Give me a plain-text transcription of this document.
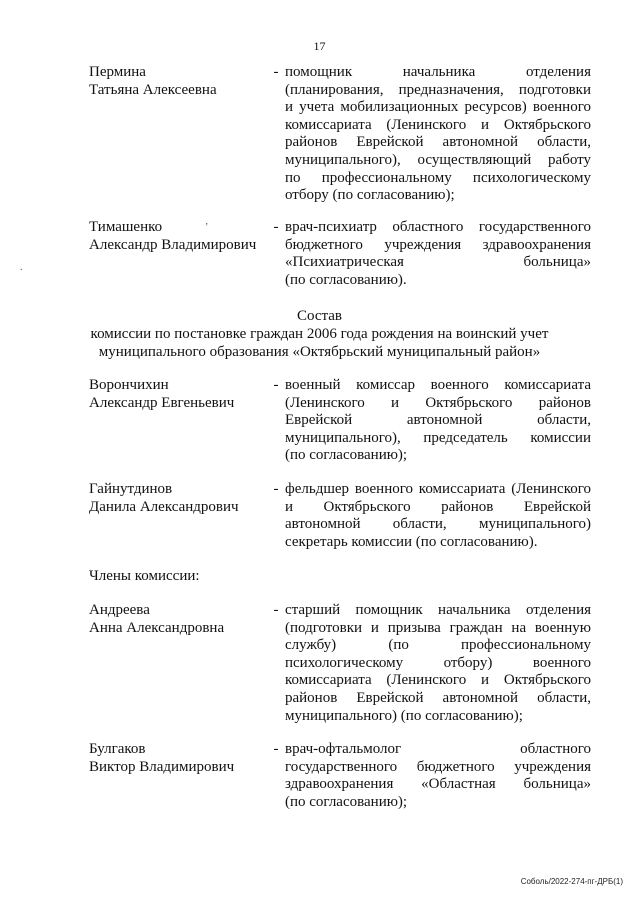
17
Пермина
Татьяна Алексеевна
- помощник начальника отделения
(планирования, предназначения, подготовки
и учета мобилизационных ресурсов) военного
комиссариата (Ленинского и Октябрьского
районов Еврейской автономной области,
муниципального), осуществляющий работу
по профессиональному психологическому
отбору (по согласованию);
Тимашенко
Александр Владимирович
- врач-психиатр областного государственного
бюджетного учреждения здравоохранения
«Психиатрическая больница»
(по согласованию).
’
.
Состав
комиссии по постановке граждан 2006 года рождения на воинский учет
муниципального образования «Октябрьский муниципальный район»
Ворончихин
Александр Евгеньевич
- военный комиссар военного комиссариата
(Ленинского и Октябрьского районов
Еврейской автономной области,
муниципального), председатель комиссии
(по согласованию);
Гайнутдинов
Данила Александрович
- фельдшер военного комиссариата (Ленинского
и Октябрьского районов Еврейской
автономной области, муниципального)
секретарь комиссии (по согласованию).
Члены комиссии:
Андреева
Анна Александровна
- старший помощник начальника отделения
(подготовки и призыва граждан на военную
службу) (по профессиональному
психологическому отбору) военного
комиссариата (Ленинского и Октябрьского
районов Еврейской автономной области,
муниципального) (по согласованию);
Булгаков
Виктор Владимирович
- врач-офтальмолог областного
государственного бюджетного учреждения
здравоохранения «Областная больница»
(по согласованию);
Соболь/2022-274-пг-ДРБ(1)
